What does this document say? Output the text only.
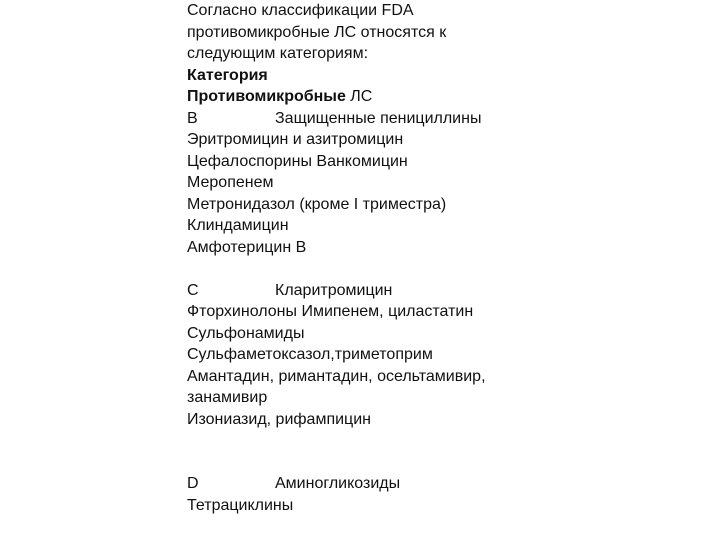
Согласно классификации FDA
противомикробные ЛС относятся к
следующим категориям:
Категория
Противомикробные ЛС
B	Защищенные пенициллины
Эритромицин и азитромицин
Цефалоспорины Ванкомицин
Меропенем
Метронидазол (кроме I триместра)
Клиндамицин
Амфотерицин В
C	Кларитромицин
Фторхинолоны Имипенем, циластатин
Сульфонамиды
Сульфаметоксазол,триметоприм
Амантадин, римантадин, осельтамивир,
занамивир
Изониазид, рифампицин
D	Аминогликозиды
Тетрациклины
